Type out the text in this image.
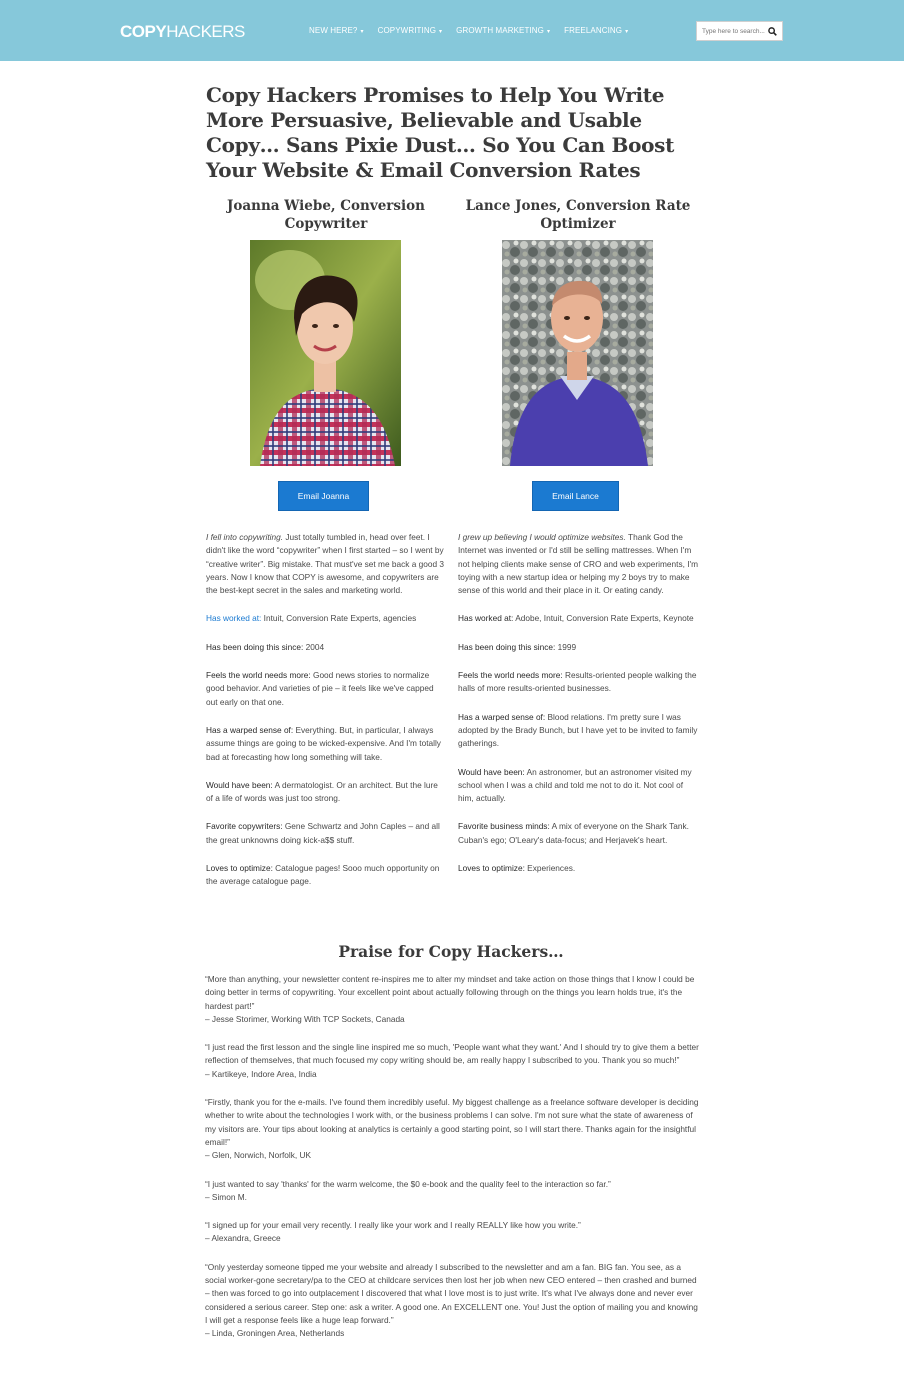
COPYHACKERS	NEW HERE? ▾ COPYWRITING ▾ GROWTH MARKETING ▾ FREELANCING ▾
Type here to search...
Copy Hackers Promises to Help You Write More Persuasive, Believable and Usable Copy… Sans Pixie Dust… So You Can Boost Your Website & Email Conversion Rates
Joanna Wiebe, Conversion Copywriter
Email Joanna

I fell into copywriting. Just totally tumbled in, head over feet. I didn't like the word “copywriter” when I first started – so I went by “creative writer”. Big mistake. That must've set me back a good 3 years. Now I know that COPY is awesome, and copywriters are the best-kept secret in the sales and marketing world.

Has worked at: Intuit, Conversion Rate Experts, agencies

Has been doing this since: 2004

Feels the world needs more: Good news stories to normalize good behavior. And varieties of pie – it feels like we've capped out early on that one.

Has a warped sense of: Everything. But, in particular, I always assume things are going to be wicked-expensive. And I'm totally bad at forecasting how long something will take.

Would have been: A dermatologist. Or an architect. But the lure of a life of words was just too strong.

Favorite copywriters: Gene Schwartz and John Caples – and all the great unknowns doing kick-a$$ stuff.

Loves to optimize: Catalogue pages! Sooo much opportunity on the average catalogue page.

Lance Jones, Conversion Rate Optimizer
Email Lance

I grew up believing I would optimize websites. Thank God the Internet was invented or I'd still be selling mattresses. When I'm not helping clients make sense of CRO and web experiments, I'm toying with a new startup idea or helping my 2 boys try to make sense of this world and their place in it. Or eating candy.

Has worked at: Adobe, Intuit, Conversion Rate Experts, Keynote

Has been doing this since: 1999

Feels the world needs more: Results-oriented people walking the halls of more results-oriented businesses.

Has a warped sense of: Blood relations. I'm pretty sure I was adopted by the Brady Bunch, but I have yet to be invited to family gatherings.

Would have been: An astronomer, but an astronomer visited my school when I was a child and told me not to do it. Not cool of him, actually.

Favorite business minds: A mix of everyone on the Shark Tank. Cuban's ego; O'Leary's data-focus; and Herjavek's heart.

Loves to optimize: Experiences.

Praise for Copy Hackers…
“More than anything, your newsletter content re-inspires me to alter my mindset and take action on those things that I know I could be doing better in terms of copywriting. Your excellent point about actually following through on the things you learn holds true, it's the hardest part!”
– Jesse Storimer, Working With TCP Sockets, Canada
“I just read the first lesson and the single line inspired me so much, 'People want what they want.' And I should try to give them a better reflection of themselves, that much focused my copy writing should be, am really happy I subscribed to you. Thank you so much!”
– Kartikeye, Indore Area, India
“Firstly, thank you for the e-mails. I've found them incredibly useful. My biggest challenge as a freelance software developer is deciding whether to write about the technologies I work with, or the business problems I can solve. I'm not sure what the state of awareness of my visitors are. Your tips about looking at analytics is certainly a good starting point, so I will start there. Thanks again for the insightful email!”
– Glen, Norwich, Norfolk, UK
“I just wanted to say 'thanks' for the warm welcome, the $0 e-book and the quality feel to the interaction so far.”
– Simon M.
“I signed up for your email very recently. I really like your work and I really REALLY like how you write.”
– Alexandra, Greece
“Only yesterday someone tipped me your website and already I subscribed to the newsletter and am a fan. BIG fan. You see, as a social worker-gone secretary/pa to the CEO at childcare services then lost her job when new CEO entered – then crashed and burned – then was forced to go into outplacement I discovered that what I love most is to just write. It's what I've always done and never ever considered a serious career. Step one: ask a writer. A good one. An EXCELLENT one. You! Just the option of mailing you and knowing I will get a response feels like a huge leap forward.”
– Linda, Groningen Area, Netherlands
